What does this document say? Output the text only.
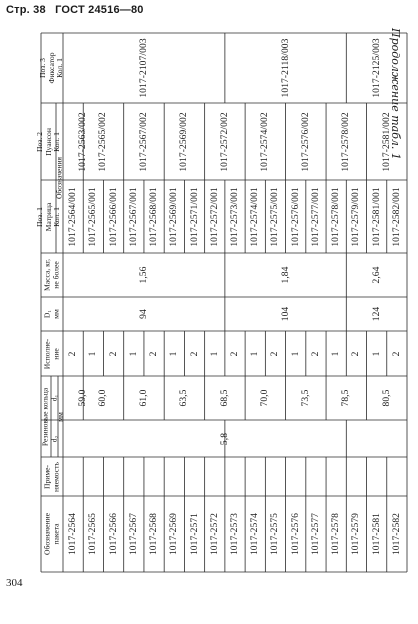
Стр. 38 ГОСТ 24516—80
304
Продолжение табл. 1
Обозначение
пакета
Приме-
няемость
Резиновые кольца d₂
d₁
мм
Исполне-
ние
D₁
мм
Масса, кг,
не более
Поз. 1
Матрица
Кол. 1
Поз. 2
Пуансон
Кол. 1
Поз. 3
Фиксатор
Кол. 1
Обозначения
1017-2564
2
1017-2564/001
59,0
1017-2563/002
1017-2565
1
1017-2565/001
60,0
1017-2565/002
1017-2566
2
1017-2566/001
1017-2567
1
1017-2567/001
61,0
1017-2567/002
1017-2568
2
1017-2568/001
1017-2569
1
1017-2569/001
63,5
1017-2569/002
1017-2571
2
1017-2571/001
1017-2572
1
1017-2572/001
68,5
1017-2572/002
1017-2573
2
1017-2573/001
1017-2574
1
1017-2574/001
70,0
1017-2574/002
1017-2575
2
1017-2575/001
1017-2576
1
1017-2576/001
73,5
1017-2576/002
1017-2577
2
1017-2577/001
1017-2578
1
1017-2578/001
78,5
1017-2578/002
1017-2579
2
1017-2579/001
1017-2581
1
1017-2581/001
80,5
1017-2581/002
1017-2582
2
1017-2582/001
5,8
94
1,56
1017-2107/003
104
1,84
1017-2118/003
124
2,64
1017-2125/003
